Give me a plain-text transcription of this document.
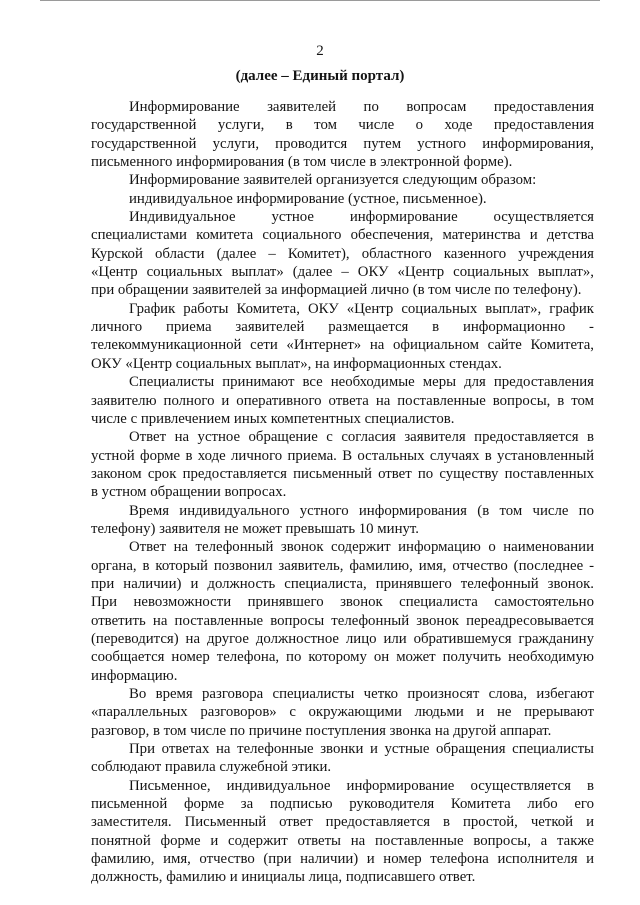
2
(далее – Единый портал)
Информирование заявителей по вопросам предоставления
государственной услуги, в том числе о ходе предоставления
государственной услуги, проводится путем устного информирования,
письменного информирования (в том числе в электронной форме).
Информирование заявителей организуется следующим образом:
индивидуальное информирование (устное, письменное).
Индивидуальное устное информирование осуществляется
специалистами комитета социального обеспечения, материнства и детства
Курской области (далее – Комитет), областного казенного учреждения
«Центр социальных выплат» (далее – ОКУ «Центр социальных выплат»,
при обращении заявителей за информацией лично (в том числе по телефону).
График работы Комитета, ОКУ «Центр социальных выплат», график
личного приема заявителей размещается в информационно -
телекоммуникационной сети «Интернет» на официальном сайте Комитета,
ОКУ «Центр социальных выплат», на информационных стендах.
Специалисты принимают все необходимые меры для предоставления
заявителю полного и оперативного ответа на поставленные вопросы, в том
числе с привлечением иных компетентных специалистов.
Ответ на устное обращение с согласия заявителя предоставляется в
устной форме в ходе личного приема. В остальных случаях в установленный
законом срок предоставляется письменный ответ по существу поставленных
в устном обращении вопросах.
Время индивидуального устного информирования (в том числе по
телефону) заявителя не может превышать 10 минут.
Ответ на телефонный звонок содержит информацию о наименовании
органа, в который позвонил заявитель, фамилию, имя, отчество (последнее -
при наличии) и должность специалиста, принявшего телефонный звонок.
При невозможности принявшего звонок специалиста самостоятельно
ответить на поставленные вопросы телефонный звонок переадресовывается
(переводится) на другое должностное лицо или обратившемуся гражданину
сообщается номер телефона, по которому он может получить необходимую
информацию.
Во время разговора специалисты четко произносят слова, избегают
«параллельных разговоров» с окружающими людьми и не прерывают
разговор, в том числе по причине поступления звонка на другой аппарат.
При ответах на телефонные звонки и устные обращения специалисты
соблюдают правила служебной этики.
Письменное, индивидуальное информирование осуществляется в
письменной форме за подписью руководителя Комитета либо его
заместителя. Письменный ответ предоставляется в простой, четкой и
понятной форме и содержит ответы на поставленные вопросы, а также
фамилию, имя, отчество (при наличии) и номер телефона исполнителя и
должность, фамилию и инициалы лица, подписавшего ответ.
